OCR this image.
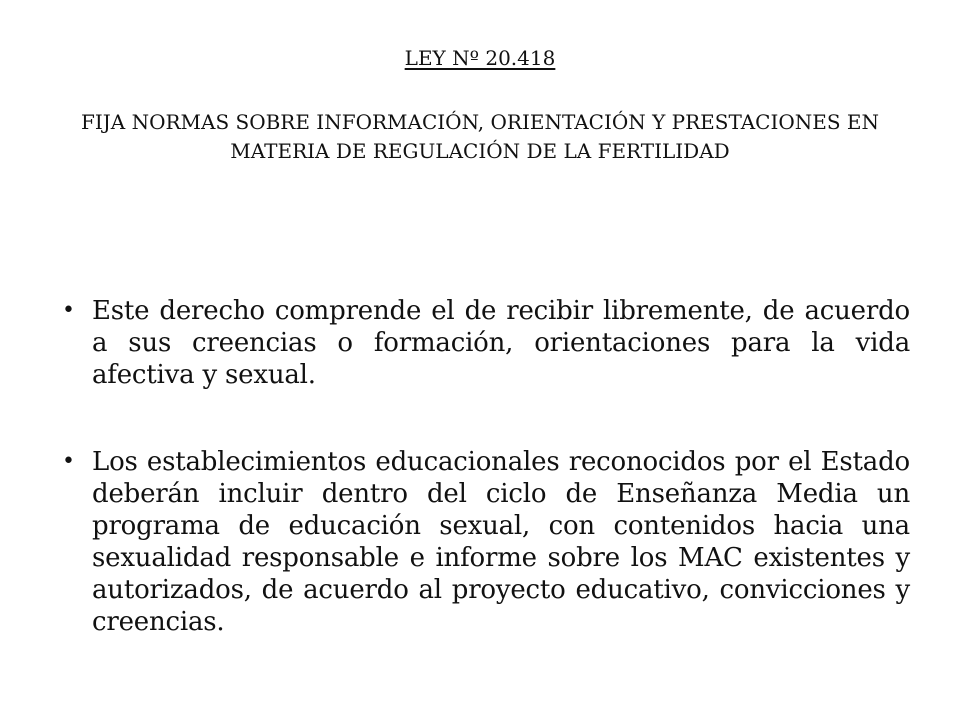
LEY Nº 20.418
FIJA NORMAS SOBRE INFORMACIÓN, ORIENTACIÓN Y PRESTACIONES EN MATERIA DE REGULACIÓN DE LA FERTILIDAD
• Este derecho comprende el de recibir libremente, de acuerdo a sus creencias o formación, orientaciones para la vida afectiva y sexual.
• Los establecimientos educacionales reconocidos por el Estado deberán incluir dentro del ciclo de Enseñanza Media un programa de educación sexual, con contenidos hacia una sexualidad responsable e informe sobre los MAC existentes y autorizados, de acuerdo al proyecto educativo, convicciones y creencias.
